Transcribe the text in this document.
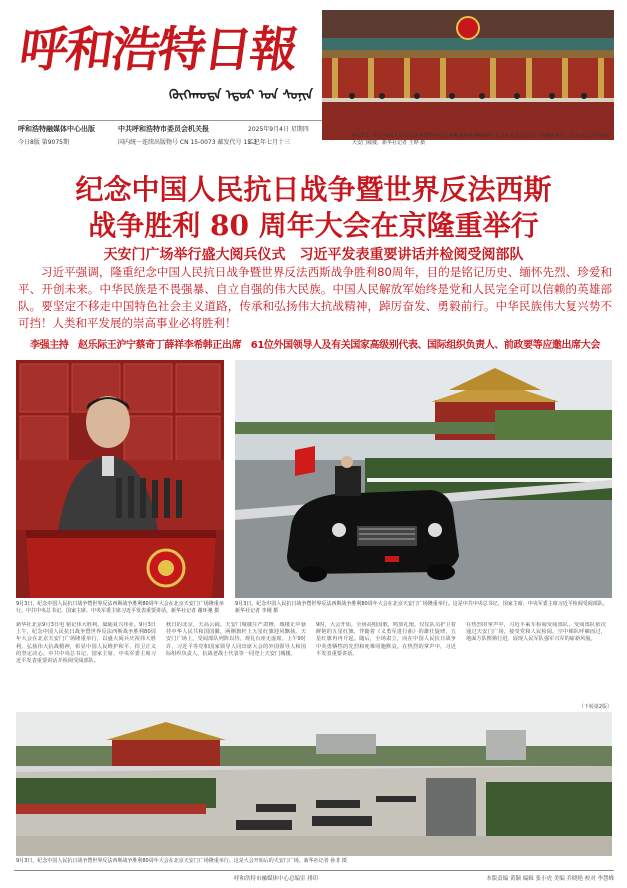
呼和浩特日報
ᠬᠥᠬᠡᠬᠣᠲᠠ ᠡᠳᠦᠷ ᠤᠨ ᠰᠣᠨᠢᠨ
呼和浩特融媒体中心出版
今日8版 第9075期
中共呼和浩特市委员会机关报
国内统一连续出版物号 CN 15-0073 邮发代号 15-3
2025年9月4日 星期四
乙巳年七月十三
9月3日，纪念中国人民抗日战争暨世界反法西斯战争胜利80周年大会在北京天安门广场隆重举行。这是大会开始前的天安门城楼。新华社记者 王晔 摄
纪念中国人民抗日战争暨世界反法西斯
战争胜利 80 周年大会在京隆重举行
天安门广场举行盛大阅兵仪式　习近平发表重要讲话并检阅受阅部队

习近平强调，隆重纪念中国人民抗日战争暨世界反法西斯战争胜利80周年，目的是铭记历史、缅怀先烈、珍爱和平、开创未来。中华民族是不畏强暴、自立自强的伟大民族。中国人民解放军始终是党和人民完全可以信赖的英雄部队。要坚定不移走中国特色社会主义道路，传承和弘扬伟大抗战精神，踔厉奋发、勇毅前行。中华民族伟大复兴势不可挡！人类和平发展的崇高事业必将胜利！

李强主持　赵乐际王沪宁蔡奇丁薛祥李希韩正出席　61位外国领导人及有关国家高级别代表、国际组织负责人、前政要等应邀出席大会
9月3日，纪念中国人民抗日战争暨世界反法西斯战争胜利80周年大会在北京天安门广场隆重举行。中共中央总书记、国家主席、中央军委主席习近平发表重要讲话。新华社记者 谢环驰 摄
9月3日，纪念中国人民抗日战争暨世界反法西斯战争胜利80周年大会在北京天安门广场隆重举行。这是中共中央总书记、国家主席、中央军委主席习近平检阅受阅部队。新华社记者 李刚 摄
新华社北京9月3日电 铭记伟大胜利，砥砺复兴伟业。9月3日上午，纪念中国人民抗日战争暨世界反法西斯战争胜利80周年大会在北京天安门广场隆重举行，以盛大阅兵庆祝伟大胜利、弘扬伟大抗战精神，彰显中国人民维护和平、捍卫正义的坚定决心。中共中央总书记、国家主席、中央军委主席习近平发表重要讲话并检阅受阅部队。
秋日的北京，天高云阔。天安门城楼庄严肃穆，城楼正中悬挂中华人民共和国国徽，两侧旗杆上五星红旗迎风飘扬。天安门广场上，受阅部队列阵以待，观礼台座无虚席。上午9时许，习近平等党和国家领导人同出席大会的外国领导人和国际组织负责人、抗战老战士代表等一同登上天安门城楼。
9时，大会开始。全场高唱国歌，鸣放礼炮。仪仗队员护卫着鲜艳的五星红旗，伴随着《义勇军进行曲》的雄壮旋律，五星红旗冉冉升起。随后，全场肃立，向在中国人民抗日战争中英勇牺牲的先烈和死难同胞默哀。在热烈的掌声中，习近平发表重要讲话。
在热烈的掌声中，习近平乘车检阅受阅部队。受阅部队依次通过天安门广场，接受党和人民检阅。空中梯队呼啸而过，地面方队铿锵行进，展现人民军队强军兴军的崭新风貌。
（下转第2版）
9月3日，纪念中国人民抗日战争暨世界反法西斯战争胜利80周年大会在北京天安门广场隆重举行。这是大会开始后的天安门广场。新华社记者 孙非 摄
呼和浩特市融媒体中心总编室 排印	本版责编 黄颖 编辑 张小虎 美编 乔晓艳 校对 李慧峰
